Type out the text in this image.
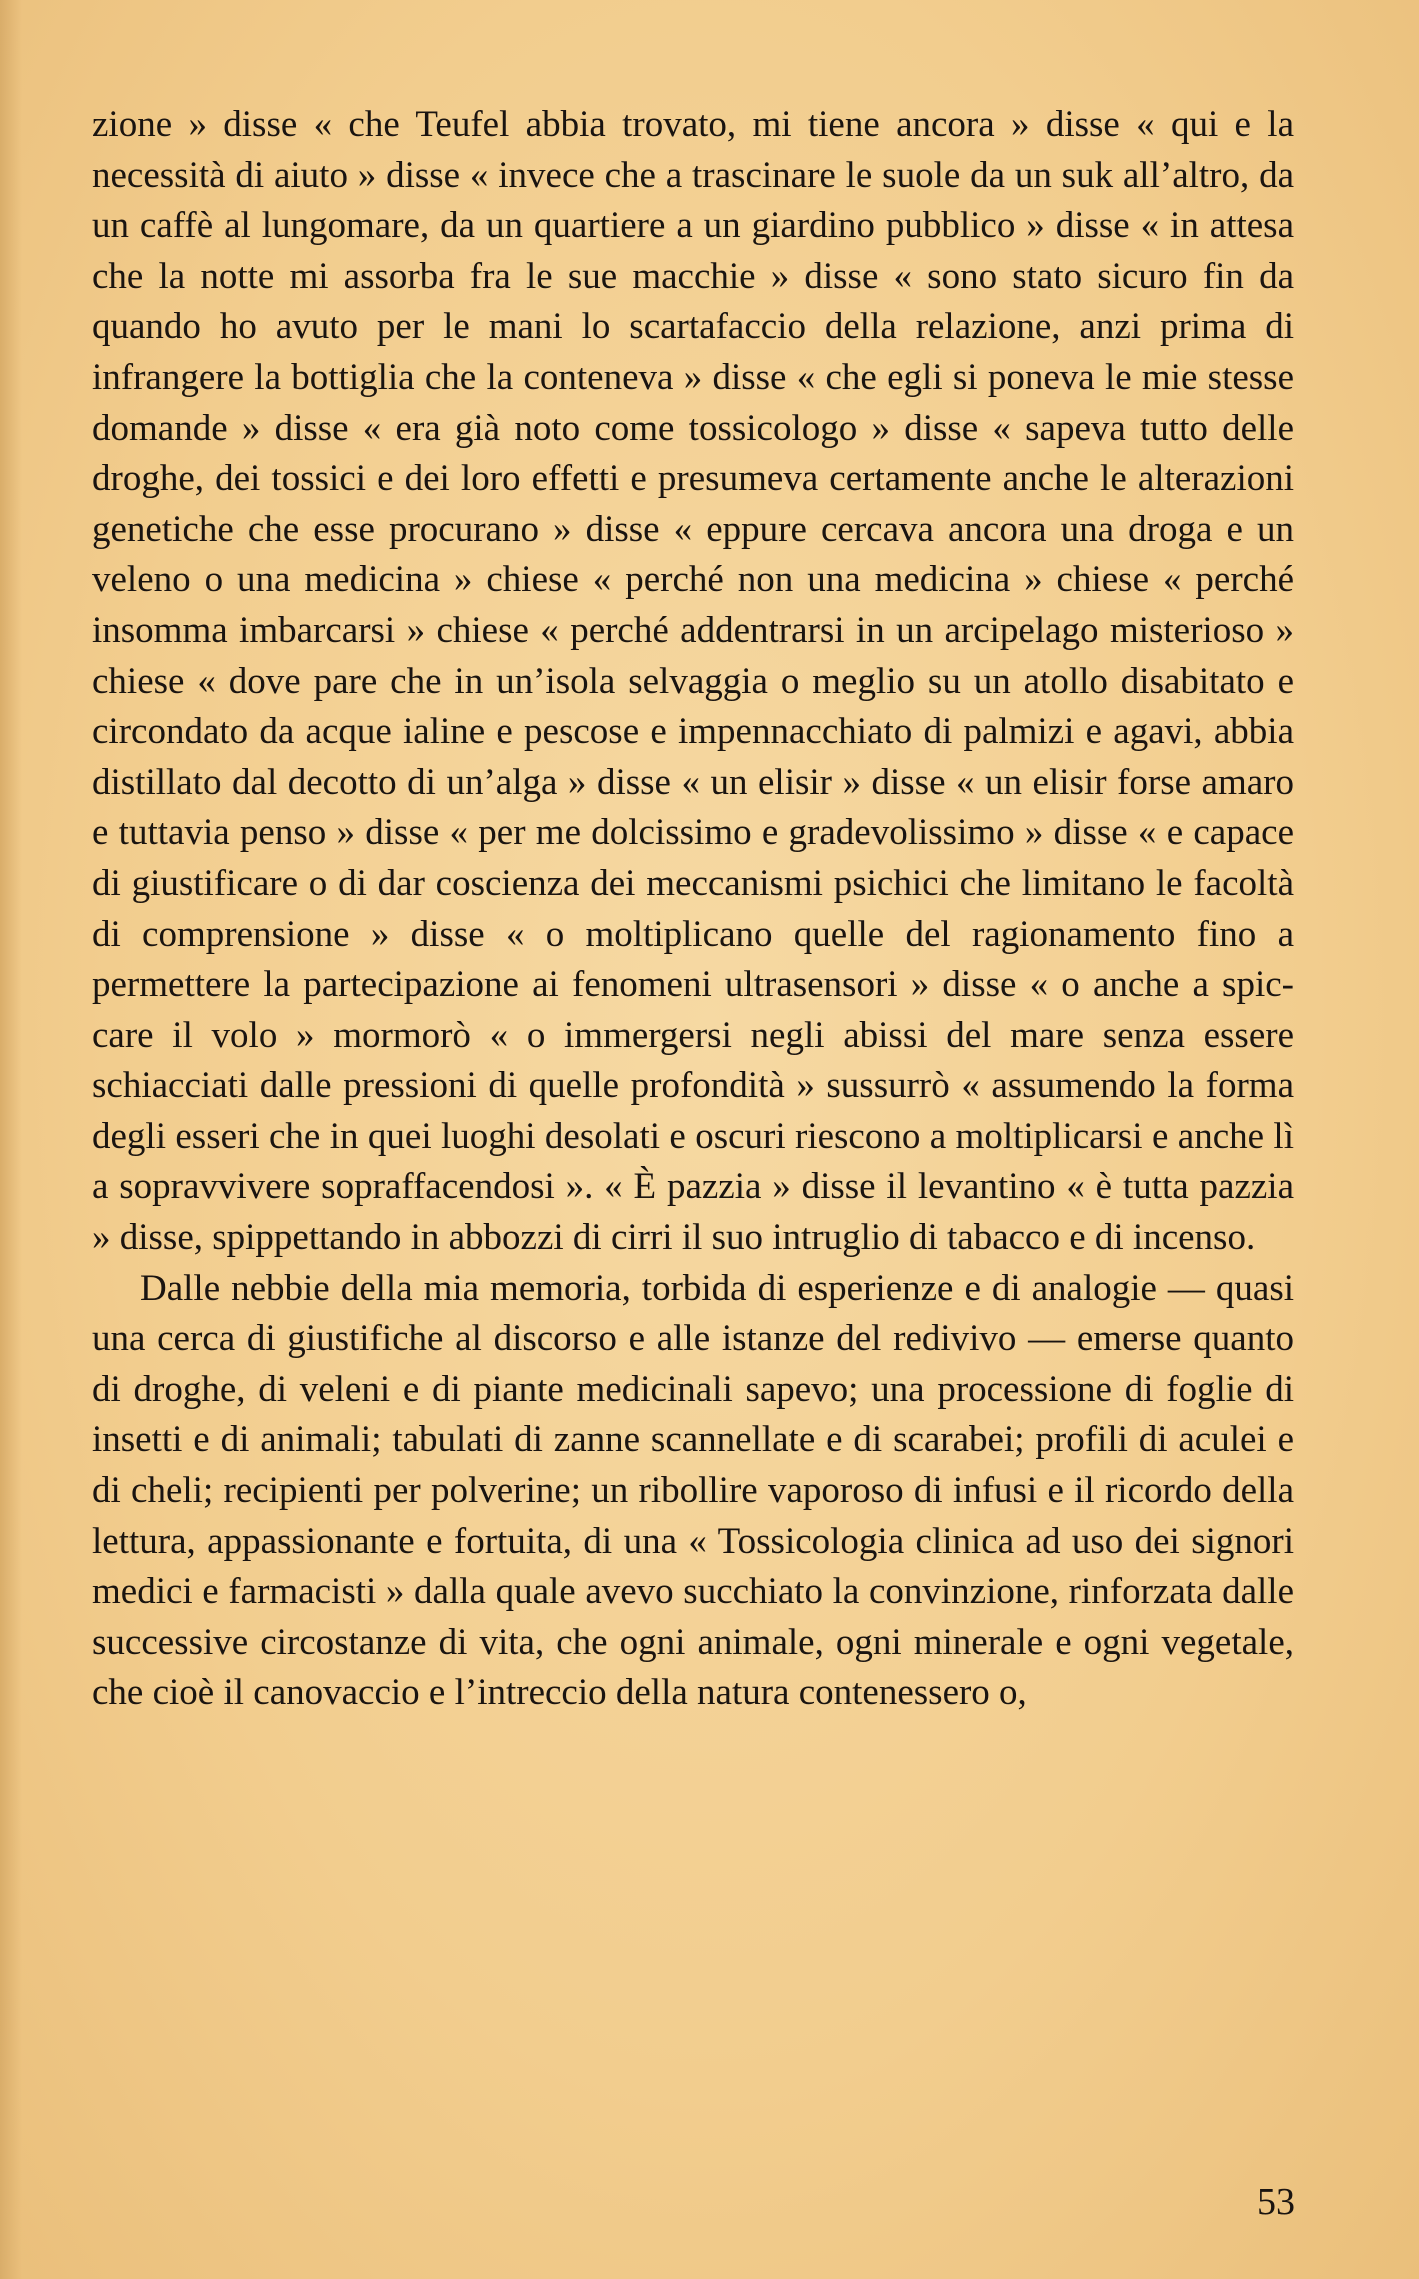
zione » disse « che Teufel abbia trovato, mi tiene ancora » disse « qui e la necessità di aiuto » disse « invece che a trascinare le suole da un suk all’altro, da un caffè al lungomare, da un quartiere a un giardino pubblico » disse « in attesa che la notte mi assorba fra le sue macchie » disse « sono stato sicuro fin da quando ho avuto per le mani lo scartafaccio della relazione, anzi prima di infrangere la bottiglia che la conteneva » disse « che egli si poneva le mie stesse domande » disse « era già noto come tossicologo » disse « sapeva tutto delle droghe, dei tossici e dei loro effetti e presumeva certamente anche le alterazioni genetiche che esse procurano » disse « eppure cercava ancora una droga e un veleno o una medicina » chiese « perché non una medicina » chiese « perché insomma imbarcarsi » chiese « perché addentrarsi in un arcipelago misterioso » chiese « dove pare che in un’isola selvaggia o meglio su un atollo disabitato e circondato da acque ialine e pescose e impennacchiato di palmizi e agavi, abbia distillato dal decotto di un’alga » disse « un elisir » disse « un elisir forse amaro e tuttavia penso » disse « per me dolcissimo e gradevolissimo » disse « e capace di giustificare o di dar coscienza dei meccanismi psichici che limitano le facoltà di comprensione » disse « o moltiplicano quelle del ragionamento fino a permettere la partecipazione ai fenomeni ultrasensori » disse « o anche a spiccare il volo » mormorò « o immergersi negli abissi del mare senza essere schiacciati dalle pressioni di quelle profondità » sussurrò « assumendo la forma degli esseri che in quei luoghi desolati e oscuri riescono a moltiplicarsi e anche lì a sopravvivere sopraffacendosi ». « È pazzia » disse il levantino « è tutta pazzia » disse, spippettando in abbozzi di cirri il suo intruglio di tabacco e di incenso.

Dalle nebbie della mia memoria, torbida di esperienze e di analogie — quasi una cerca di giustifiche al discorso e alle istanze del redivivo — emerse quanto di droghe, di veleni e di piante medicinali sapevo; una processione di foglie di insetti e di animali; tabulati di zanne scannellate e di scarabei; profili di aculei e di cheli; recipienti per polverine; un ribollire vaporoso di infusi e il ricordo della lettura, appassionante e fortuita, di una « Tossicologia clinica ad uso dei signori medici e farmacisti » dalla quale avevo succhiato la convinzione, rinforzata dalle successive circostanze di vita, che ogni animale, ogni minerale e ogni vegetale, che cioè il canovaccio e l’intreccio della natura contenessero o,

53
